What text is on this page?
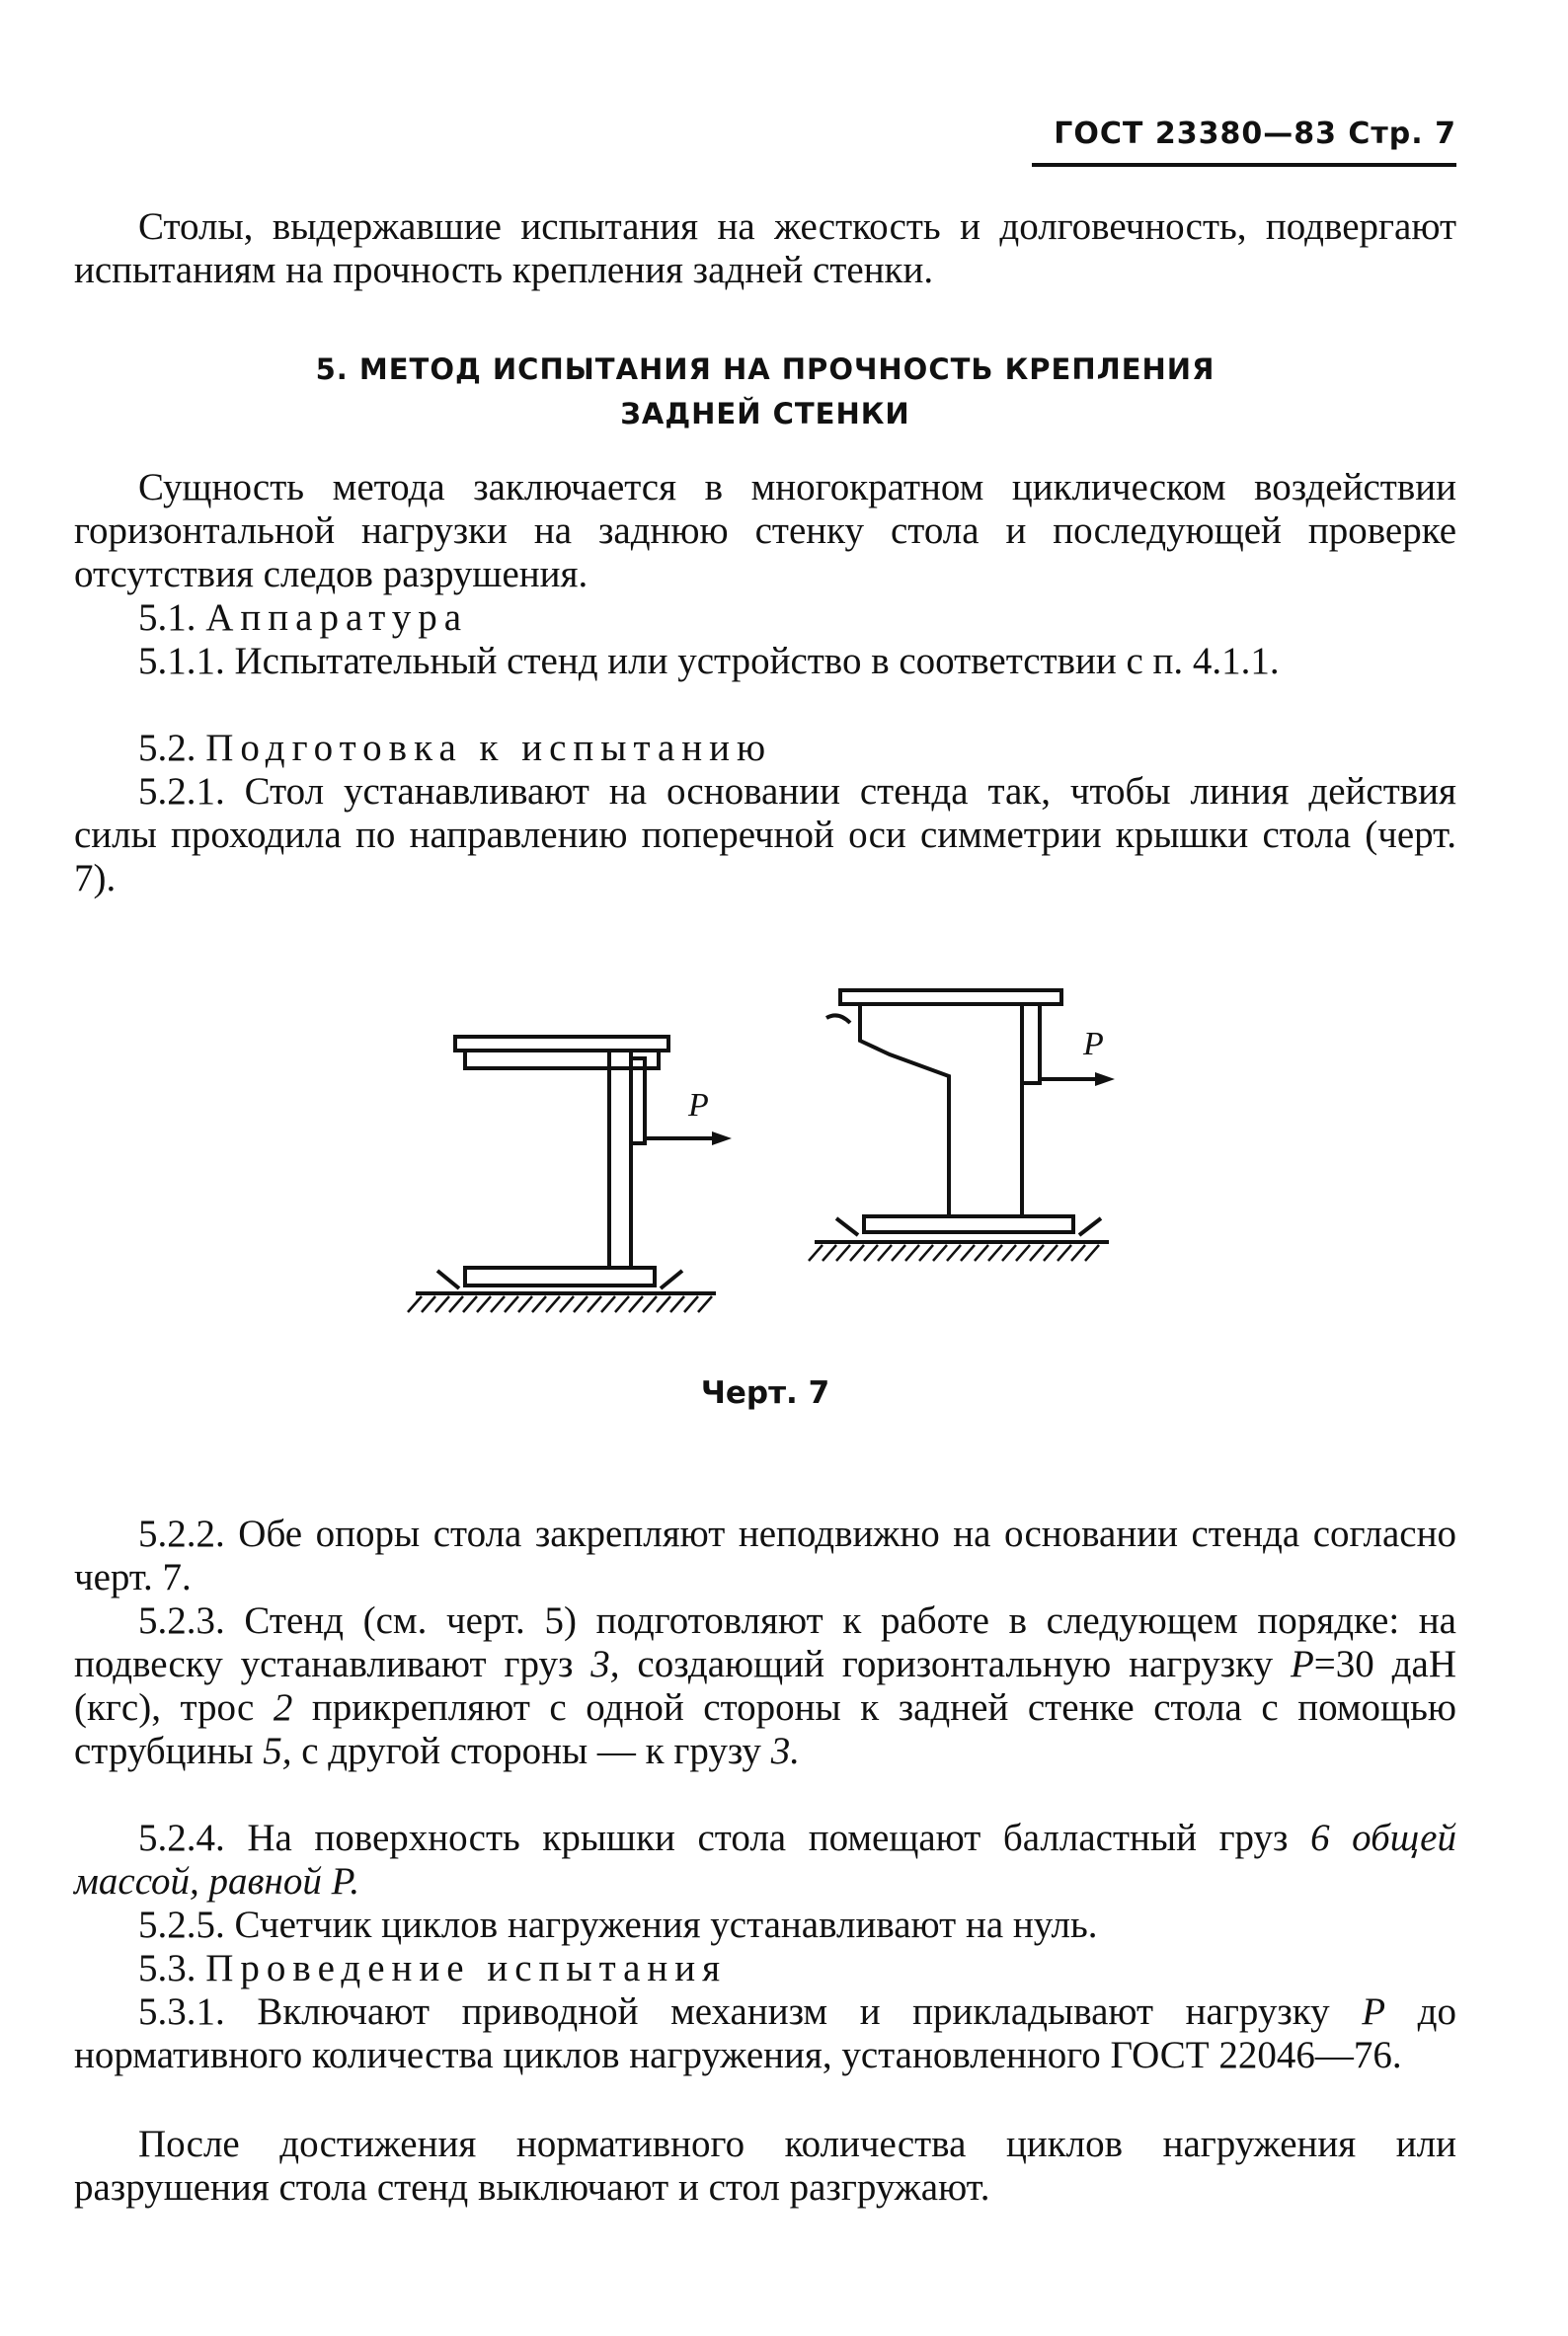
ГОСТ 23380—83 Стр. 7
Столы, выдержавшие испытания на жесткость и долговечность, подвергают испытаниям на прочность крепления задней стенки.
5. МЕТОД ИСПЫТАНИЯ НА ПРОЧНОСТЬ КРЕПЛЕНИЯ
ЗАДНЕЙ СТЕНКИ
Сущность метода заключается в многократном циклическом воздействии горизонтальной нагрузки на заднюю стенку стола и последующей проверке отсутствия следов разрушения.
5.1. Аппаратура
5.1.1. Испытательный стенд или устройство в соответствии с п. 4.1.1.
5.2. Подготовка к испытанию
5.2.1. Стол устанавливают на основании стенда так, чтобы линия действия силы проходила по направлению поперечной оси симметрии крышки стола (черт. 7).
P
P
Черт. 7
5.2.2. Обе опоры стола закрепляют неподвижно на основании стенда согласно черт. 7.
5.2.3. Стенд (см. черт. 5) подготовляют к работе в следующем порядке: на подвеску устанавливают груз 3, создающий горизонтальную нагрузку P=30 даН (кгс), трос 2 прикрепляют с одной стороны к задней стенке стола с помощью струбцины 5, с другой стороны — к грузу 3.
5.2.4. На поверхность крышки стола помещают балластный груз 6 общей массой, равной P.
5.2.5. Счетчик циклов нагружения устанавливают на нуль.
5.3. Проведение испытания
5.3.1. Включают приводной механизм и прикладывают нагрузку P до нормативного количества циклов нагружения, установленного ГОСТ 22046—76.
После достижения нормативного количества циклов нагружения или разрушения стола стенд выключают и стол разгружают.
